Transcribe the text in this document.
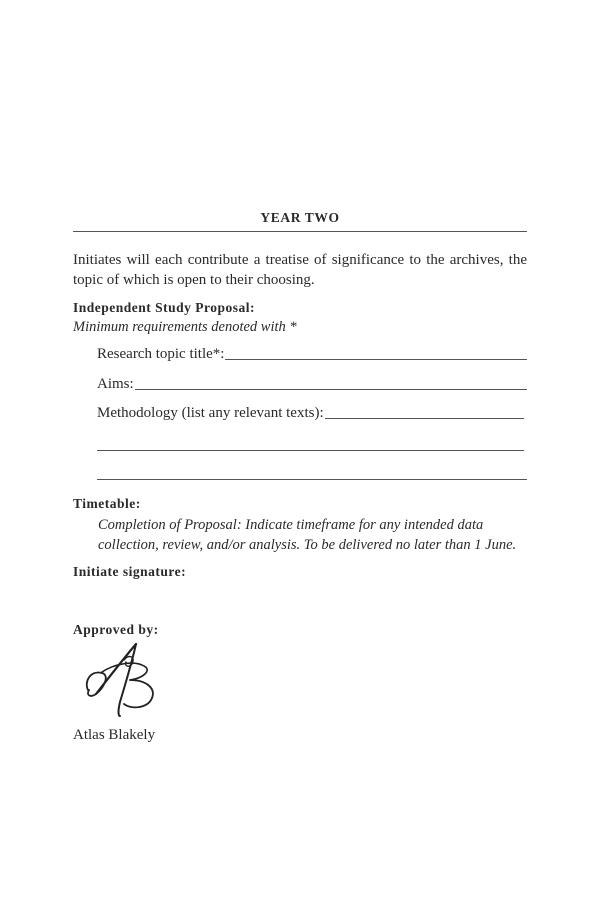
YEAR TWO
Initiates will each contribute a treatise of significance to the archives, the
topic of which is open to their choosing.
Independent Study Proposal:
Minimum requirements denoted with *
Research topic title*:
Aims:
Methodology (list any relevant texts):
Timetable:
Completion of Proposal: Indicate timeframe for any intended data
collection, review, and/or analysis. To be delivered no later than 1 June.
Initiate signature:
Approved by:
Atlas Blakely
